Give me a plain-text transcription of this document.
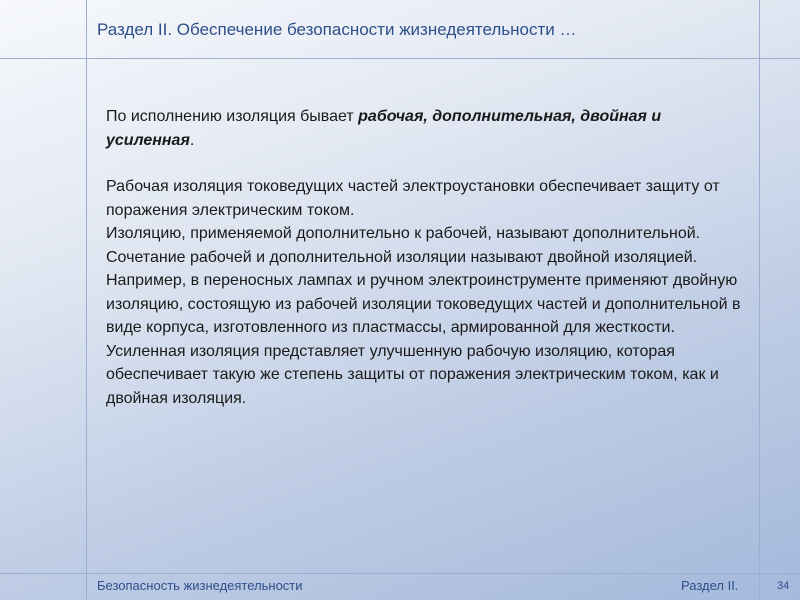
Раздел II. Обеспечение безопасности жизнедеятельности …

По исполнению изоляция бывает рабочая, дополнительная, двойная и усиленная.

Рабочая изоляция токоведущих частей электроустановки обеспечивает защиту от поражения электрическим током.

Изоляцию, применяемой дополнительно к рабочей, называют дополнительной.

Сочетание рабочей и дополнительной изоляции называют двойной изоляцией. Например, в переносных лампах и ручном электроинструменте применяют двойную изоляцию, состоящую из рабочей изоляции токоведущих частей и дополнительной в виде корпуса, изготовленного из пластмассы, армированной для жесткости. Усиленная изоляция представляет улучшенную рабочую изоляцию, которая обеспечивает такую же степень защиты от поражения электрическим током, как и двойная изоляция.

Безопасность жизнедеятельности	Раздел II.	34
